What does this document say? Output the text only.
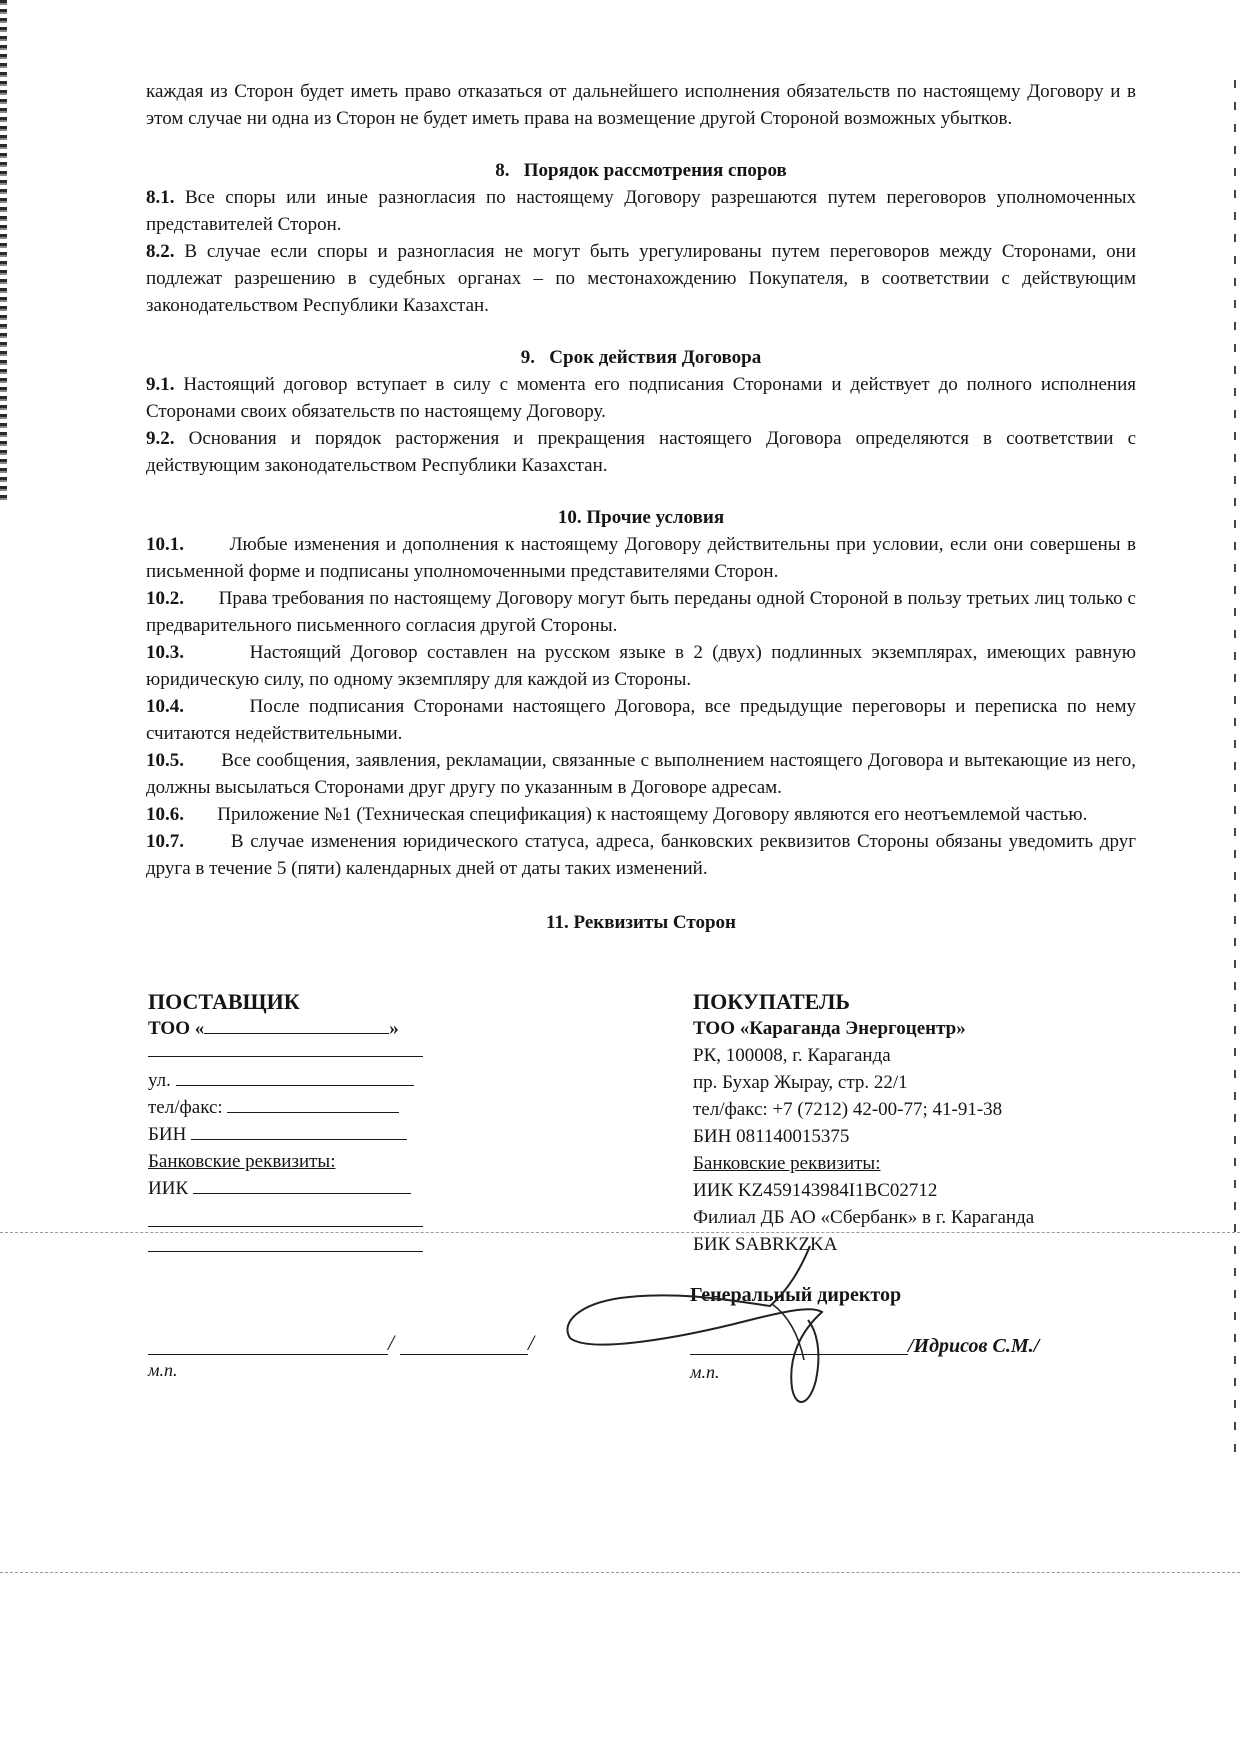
каждая из Сторон будет иметь право отказаться от дальнейшего исполнения обязательств по настоящему Договору и в этом случае ни одна из Сторон не будет иметь права на возмещение другой Стороной возможных убытков.

8.   Порядок рассмотрения споров

8.1. Все споры или иные разногласия по настоящему Договору разрешаются путем переговоров уполномоченных представителей Сторон.

8.2. В случае если споры и разногласия не могут быть урегулированы путем переговоров между Сторонами, они подлежат разрешению в судебных органах – по местонахождению Покупателя, в соответствии с действующим законодательством Республики Казахстан.

9.   Срок действия Договора

9.1. Настоящий договор вступает в силу с момента его подписания Сторонами и действует до полного исполнения Сторонами своих обязательств по настоящему Договору.

9.2. Основания и порядок расторжения и прекращения настоящего Договора определяются в соответствии с действующим законодательством Республики Казахстан.

10. Прочие условия

10.1. Любые изменения и дополнения к настоящему Договору действительны при условии, если они совершены в письменной форме и подписаны уполномоченными представителями Сторон.

10.2. Права требования по настоящему Договору могут быть переданы одной Стороной в пользу третьих лиц только с предварительного письменного согласия другой Стороны.

10.3.	Настоящий Договор составлен на русском языке в 2 (двух) подлинных экземплярах, имеющих равную юридическую силу, по одному экземпляру для каждой из Стороны.

10.4.	После подписания Сторонами настоящего Договора, все предыдущие переговоры и переписка по нему считаются недействительными.

10.5. Все сообщения, заявления, рекламации, связанные с выполнением настоящего Договора и вытекающие из него, должны высылаться Сторонами друг другу по указанным в Договоре адресам.

10.6. Приложение №1 (Техническая спецификация) к настоящему Договору являются его неотъемлемой частью.

10.7. В случае изменения юридического статуса, адреса, банковских реквизитов Стороны обязаны уведомить друг друга в течение 5 (пяти) календарных дней от даты таких изменений.

11. Реквизиты Сторон
ПОСТАВЩИК
ТОО «	»
ул.
тел/факс:
БИН
Банковские реквизиты:
ИИК
ПОКУПАТЕЛЬ
ТОО «Караганда Энергоцентр»
РК, 100008, г. Караганда
пр. Бухар Жырау, стр. 22/1
тел/факс: +7 (7212) 42-00-77; 41-91-38
БИН 081140015375
Банковские реквизиты:
ИИК KZ459143984I1BC02712
Филиал ДБ АО «Сбербанк» в г. Караганда
БИК SABRKZKA
Генеральный директор
/	/
м.п.
/Идрисов С.М./
м.п.
